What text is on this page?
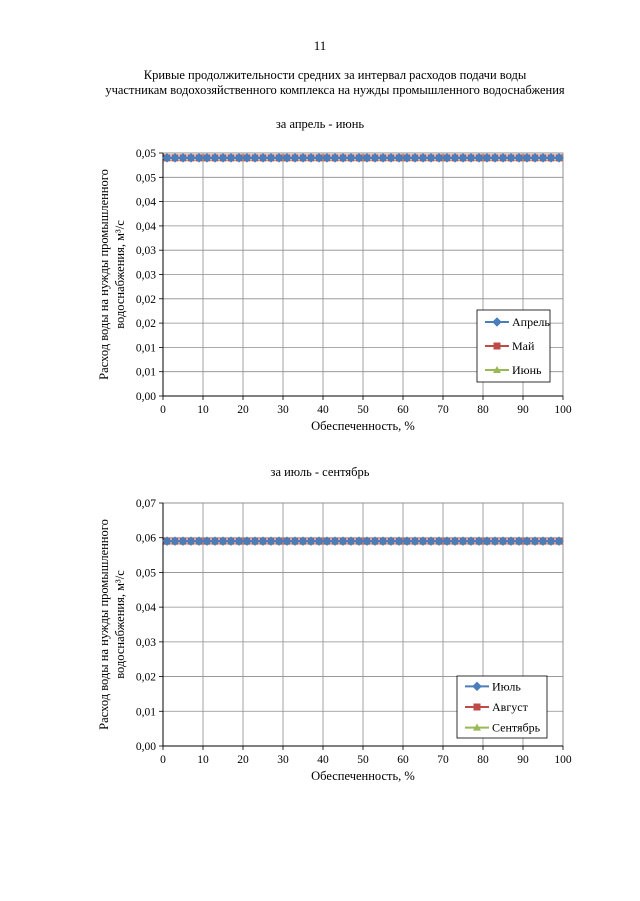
11
Кривые продолжительности средних за интервал расходов подачи воды
участникам водохозяйственного комплекса на нужды промышленного водоснабжения
за апрель - июнь
0,00
0,01
0,01
0,02
0,02
0,03
0,03
0,04
0,04
0,05
0,05
0	10 20 30 40 50 60 70 80 90 100
Обеспеченность, %
Расход воды на нужды промышленного водоснабжения, м³/с	Апрель
Май
Июнь
за июль - сентябрь
0,00
0,01
0,02
0,03
0,04
0,05
0,06
0,07
0	10 20 30 40 50 60 70 80 90 100
Обеспеченность, %
Расход воды на нужды промышленного водоснабжения, м³/с
Июль
Август
Сентябрь
